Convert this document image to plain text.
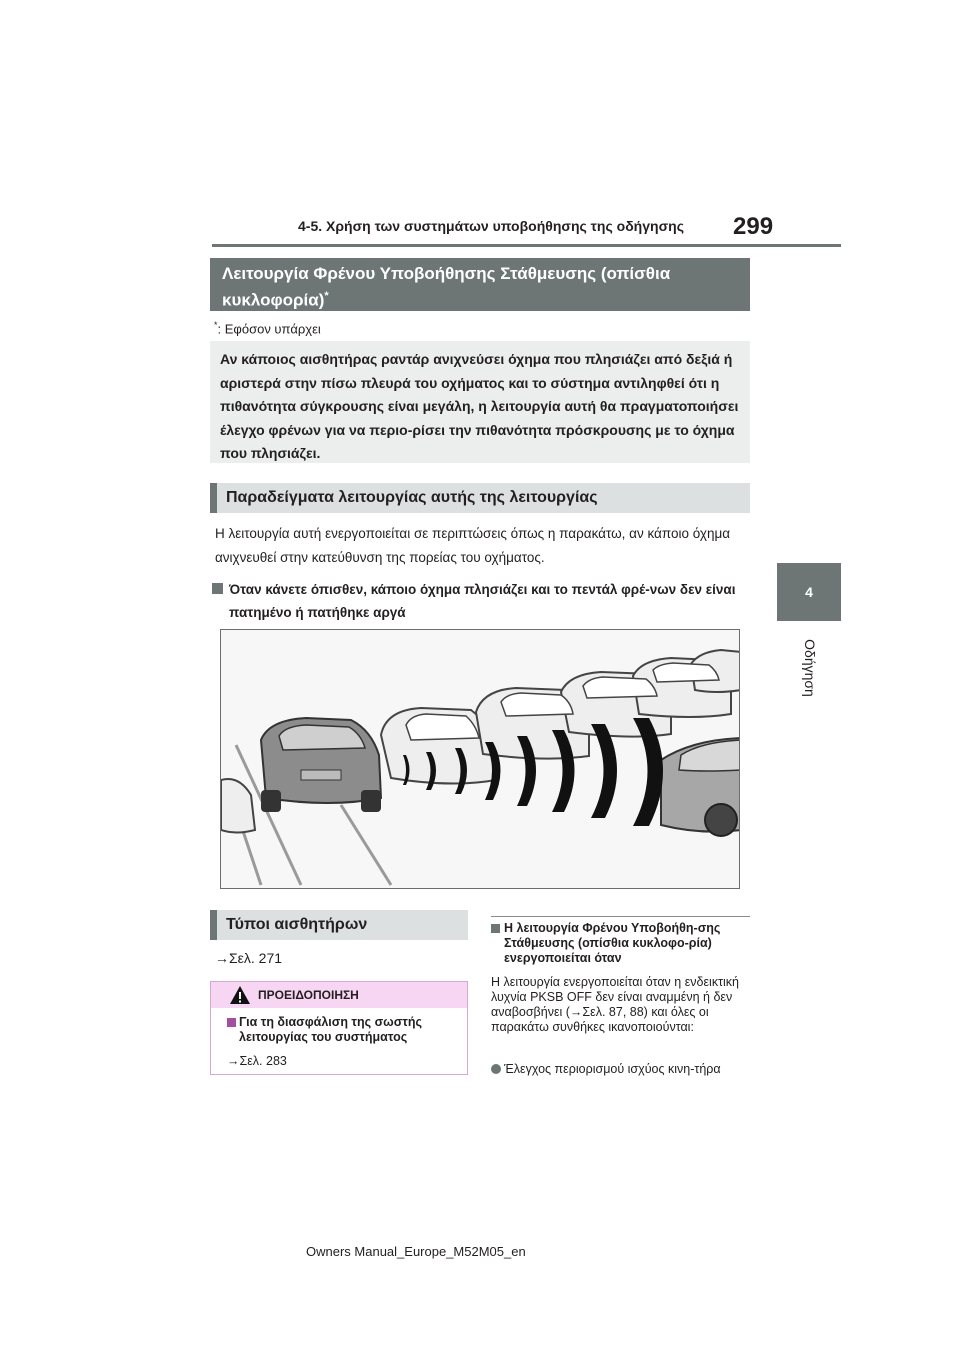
4-5. Χρήση των συστημάτων υποβοήθησης της οδήγησης 299
4
Οδήγηση
Λειτουργία Φρένου Υποβοήθησης Στάθμευσης (οπίσθια κυκλοφορία)*
*: Εφόσον υπάρχει
Αν κάποιος αισθητήρας ραντάρ ανιχνεύσει όχημα που πλησιάζει από δεξιά ή αριστερά στην πίσω πλευρά του οχήματος και το σύστημα αντιληφθεί ότι η πιθανότητα σύγκρουσης είναι μεγάλη, η λειτουργία αυτή θα πραγματοποιήσει έλεγχο φρένων για να περιο-ρίσει την πιθανότητα πρόσκρουσης με το όχημα που πλησιάζει.
Παραδείγματα λειτουργίας αυτής της λειτουργίας
Η λειτουργία αυτή ενεργοποιείται σε περιπτώσεις όπως η παρακάτω, αν κάποιο όχημα ανιχνευθεί στην κατεύθυνση της πορείας του οχήματος.
Όταν κάνετε όπισθεν, κάποιο όχημα πλησιάζει και το πεντάλ φρέ-νων δεν είναι πατημένο ή πατήθηκε αργά
Τύποι αισθητήρων
→Σελ. 271
ΠΡΟΕΙΔΟΠΟΙΗΣΗ
Για τη διασφάλιση της σωστής λειτουργίας του συστήματος
→Σελ. 283
Η λειτουργία Φρένου Υποβοήθη-σης Στάθμευσης (οπίσθια κυκλοφο-ρία) ενεργοποιείται όταν
Η λειτουργία ενεργοποιείται όταν η ενδεικτική λυχνία PKSB OFF δεν είναι αναμμένη ή δεν αναβοσβήνει (→Σελ. 87, 88) και όλες οι παρακάτω συνθήκες ικανοποιούνται:
Έλεγχος περιορισμού ισχύος κινη-τήρα
Owners Manual_Europe_M52M05_en
